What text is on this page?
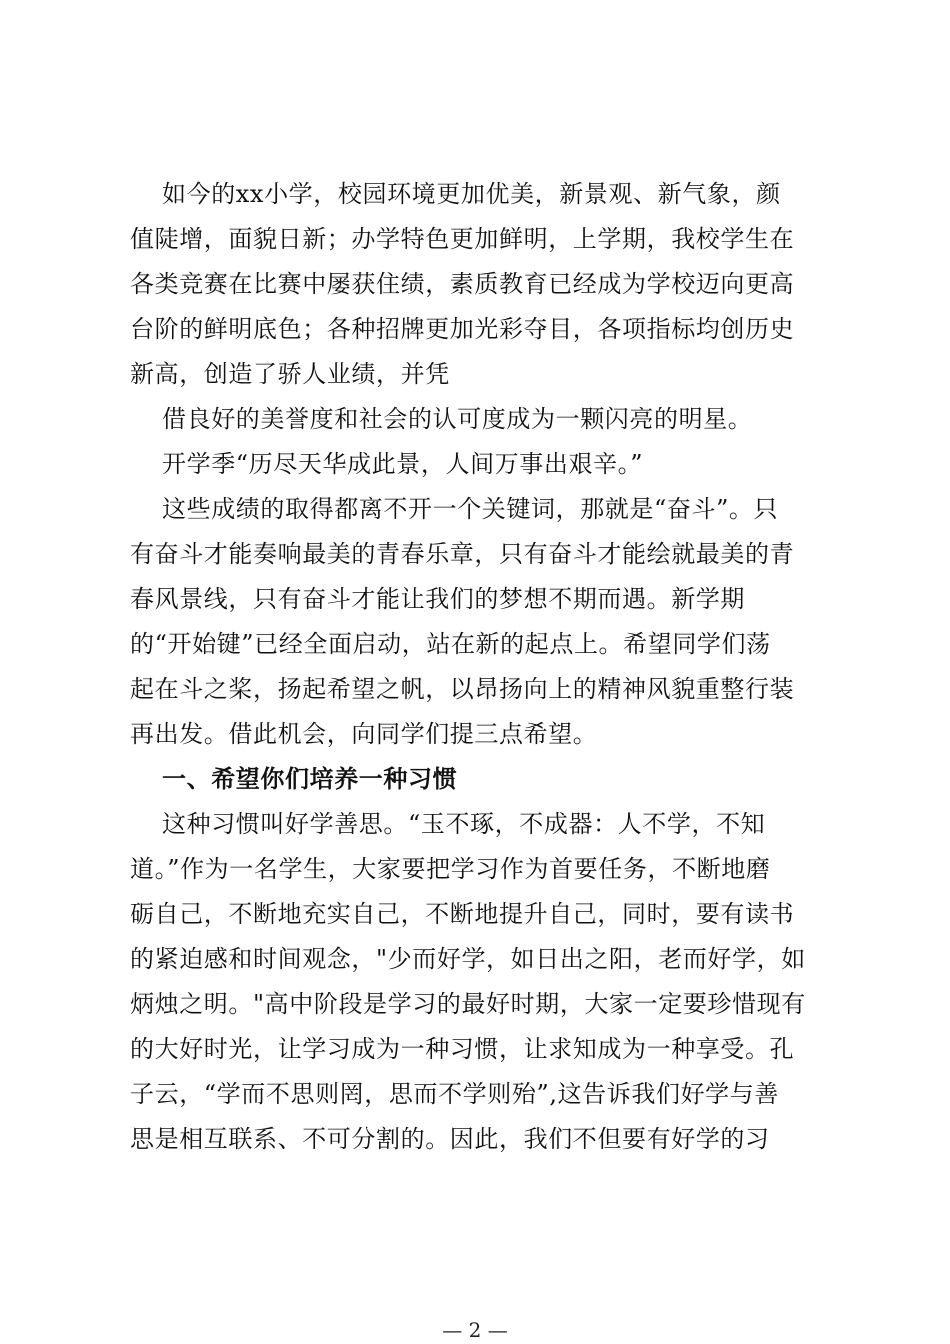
如今的xx小学，校园环境更加优美，新景观、新气象，颜
值陡增，面貌日新；办学特色更加鲜明，上学期，我校学生在
各类竞赛在比赛中屡获住绩，素质教育已经成为学校迈向更高
台阶的鲜明底色；各种招牌更加光彩夺目，各项指标均创历史
新高，创造了骄人业绩，并凭
借良好的美誉度和社会的认可度成为一颗闪亮的明星。
开学季“历尽天华成此景，人间万事出艰辛。”
这些成绩的取得都离不开一个关键词，那就是“奋斗”。只
有奋斗才能奏响最美的青春乐章，只有奋斗才能绘就最美的青
春风景线，只有奋斗才能让我们的梦想不期而遇。新学期
的“开始键”已经全面启动，站在新的起点上。希望同学们荡
起在斗之桨，扬起希望之帆，以昂扬向上的精神风貌重整行装
再出发。借此机会，向同学们提三点希望。
一、希望你们培养一种习惯
这种习惯叫好学善思。“玉不琢，不成器：人不学，不知
道。”作为一名学生，大家要把学习作为首要任务，不断地磨
砺自己，不断地充实自己，不断地提升自己，同时，要有读书
的紧迫感和时间观念，"少而好学，如日出之阳，老而好学，如
炳烛之明。"高中阶段是学习的最好时期，大家一定要珍惜现有
的大好时光，让学习成为一种习惯，让求知成为一种享受。孔
子云，“学而不思则罔，思而不学则殆”,这告诉我们好学与善
思是相互联系、不可分割的。因此，我们不但要有好学的习
— 2 —
